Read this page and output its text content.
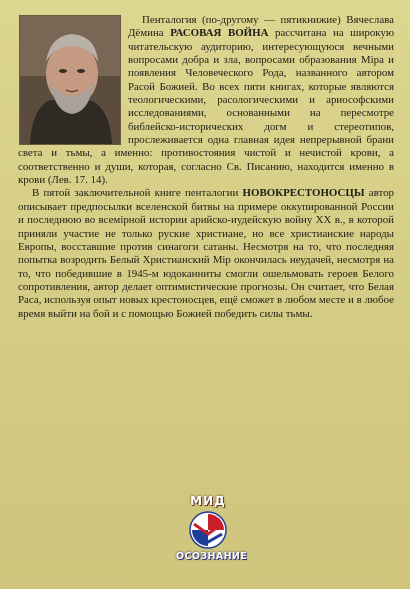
Пенталогия (по-другому — пятикнижие) Вячеслава Дёмина РАСОВАЯ ВОЙНА рассчитана на широкую читательскую аудиторию, интересующуюся вечными вопросами добра и зла, вопросами образования Міра и появления Человеческого Рода, названного автором Расой Божией. Во всех пяти книгах, которые являются теологическими, расологическими и ариософскими исследованиями, основанными на пересмотре библейско-исторических догм и стереотипов, прослеживается одна главная идея непрерывной брани света и тьмы, а именно: противостояния чистой и нечистой крови, а соответственно и души, которая, согласно Св. Писанию, находится именно в крови (Лев. 17. 14).

В пятой заключительной книге пенталогии НОВОКРЕСТОНОСЦЫ автор описывает предпосылки вселенской битвы на примере оккупированной России и последнюю во всемірной истории арийско-иудейскую войну XX в., в которой приняли участие не только руские христиане, но все христианские народы Европы, восставшие против синагоги сатаны. Несмотря на то, что последняя попытка возродить Белый Христианский Мір окончилась неудачей, несмотря на то, что победившие в 1945-м юдоканниты смогли ошельмовать героев Белого сопротивления, автор делает оптимистические прогнозы. Он считает, что Белая Раса, используя опыт новых крестоносцев, ещё сможет в любом месте и в любое время выйти на бой и с помощью Божией победить силы тьмы.

МИД
ОСОЗНАНИЕ
